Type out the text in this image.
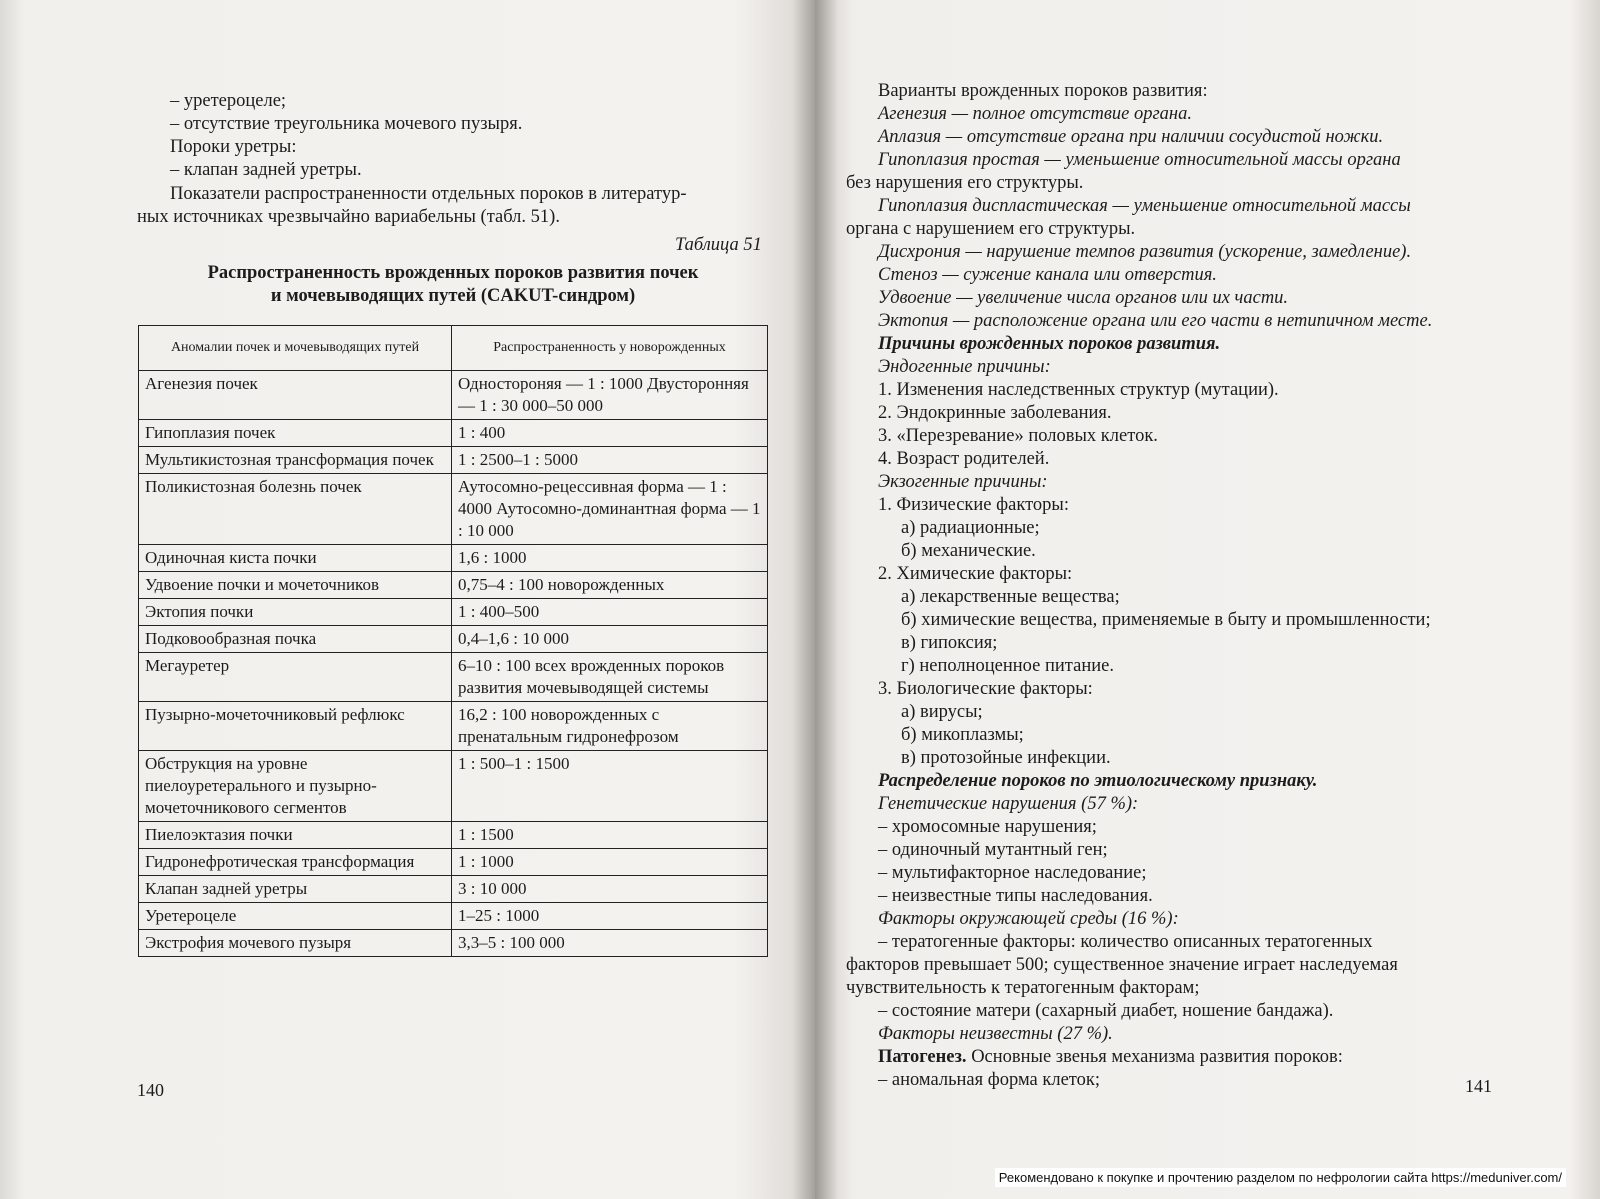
– уретероцеле;
– отсутствие треугольника мочевого пузыря.
Пороки уретры:
– клапан задней уретры.
Показатели распространенности отдельных пороков в литератур-
ных источниках чрезвычайно вариабельны (табл. 51).
Таблица 51
Распространенность врожденных пороков развития почек
и мочевыводящих путей (CAKUT-синдром)
Аномалии почек и мочевыводящих путей	Распространенность у новорожденных
Агенезия почек	Одностороняя — 1 : 1000 Двусторонняя — 1 : 30 000–50 000
Гипоплазия почек	1 : 400
Мультикистозная трансформация почек	1 : 2500–1 : 5000
Поликистозная болезнь почек	Аутосомно-рецессивная форма — 1 : 4000 Аутосомно-доминантная форма — 1 : 10 000
Одиночная киста почки	1,6 : 1000
Удвоение почки и мочеточников	0,75–4 : 100 новорожденных
Эктопия почки	1 : 400–500
Подковообразная почка	0,4–1,6 : 10 000
Мегауретер	6–10 : 100 всех врожденных пороков развития мочевыводящей системы
Пузырно-мочеточниковый рефлюкс	16,2 : 100 новорожденных с пренатальным гидронефрозом
Обструкция на уровне пиелоуретерального и пузырно-мочеточникового сегментов	1 : 500–1 : 1500
Пиелоэктазия почки	1 : 1500
Гидронефротическая трансформация	1 : 1000
Клапан задней уретры	3 : 10 000
Уретероцеле	1–25 : 1000
Экстрофия мочевого пузыря	3,3–5 : 100 000
140
Варианты врожденных пороков развития:
Агенезия — полное отсутствие органа.
Аплазия — отсутствие органа при наличии сосудистой ножки.
Гипоплазия простая — уменьшение относительной массы органа
без нарушения его структуры.
Гипоплазия диспластическая — уменьшение относительной массы
органа с нарушением его структуры.
Дисхрония — нарушение темпов развития (ускорение, замедление).
Стеноз — сужение канала или отверстия.
Удвоение — увеличение числа органов или их части.
Эктопия — расположение органа или его части в нетипичном месте.
Причины врожденных пороков развития.
Эндогенные причины:
1. Изменения наследственных структур (мутации).
2. Эндокринные заболевания.
3. «Перезревание» половых клеток.
4. Возраст родителей.
Экзогенные причины:
1. Физические факторы:
а) радиационные;
б) механические.
2. Химические факторы:
а) лекарственные вещества;
б) химические вещества, применяемые в быту и промышленности;
в) гипоксия;
г) неполноценное питание.
3. Биологические факторы:
а) вирусы;
б) микоплазмы;
в) протозойные инфекции.
Распределение пороков по этиологическому признаку.
Генетические нарушения (57 %):
– хромосомные нарушения;
– одиночный мутантный ген;
– мультифакторное наследование;
– неизвестные типы наследования.
Факторы окружающей среды (16 %):
– тератогенные факторы: количество описанных тератогенных
факторов превышает 500; существенное значение играет наследуемая
чувствительность к тератогенным факторам;
– состояние матери (сахарный диабет, ношение бандажа).
Факторы неизвестны (27 %).
Патогенез. Основные звенья механизма развития пороков:
– аномальная форма клеток;	141
Рекомендовано к покупке и прочтению разделом по нефрологии сайта https://meduniver.com/
